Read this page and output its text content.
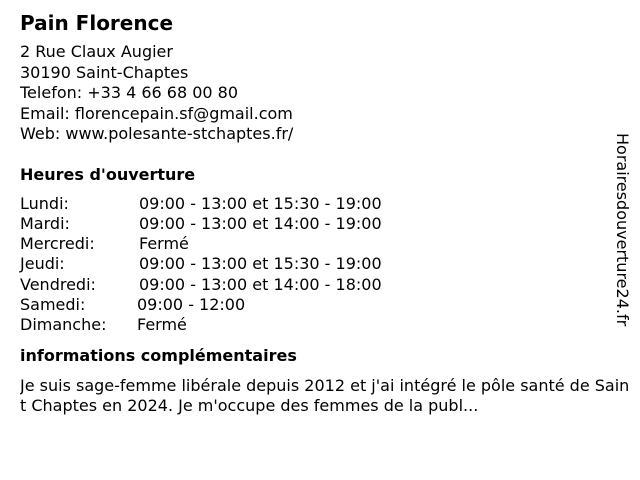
Pain Florence
2 Rue Claux Augier
30190 Saint-Chaptes
Telefon: +33 4 66 68 00 80
Email: florencepain.sf@gmail.com
Web: www.polesante-stchaptes.fr/
Heures d'ouverture
Lundi:	09:00 - 13:00 et 15:30 - 19:00
Mardi:	09:00 - 13:00 et 14:00 - 19:00
Mercredi:	Fermé
Jeudi:	09:00 - 13:00 et 15:30 - 19:00
Vendredi:	09:00 - 13:00 et 14:00 - 18:00
Samedi:	09:00 - 12:00
Dimanche:	Fermé
informations complémentaires
Je suis sage-femme libérale depuis 2012 et j'ai intégré le pôle santé de Saint Chaptes en 2024. Je m'occupe des femmes de la publ...
Horairesdouverture24.fr
